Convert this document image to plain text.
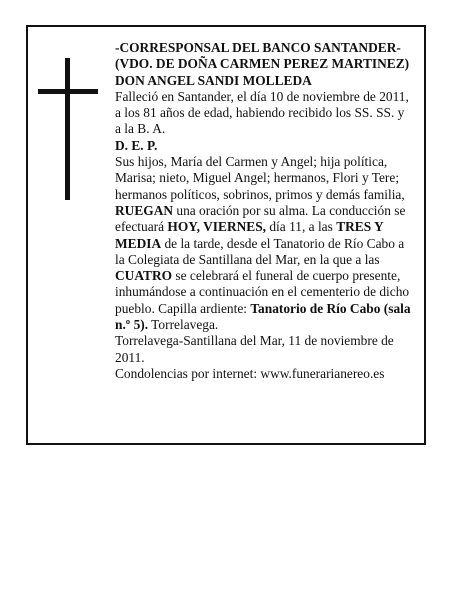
-CORRESPONSAL DEL BANCO SANTANDER-
(VDO. DE DOÑA CARMEN PEREZ MARTINEZ)
DON ANGEL SANDI MOLLEDA
Falleció en Santander, el día 10 de noviembre de 2011,
a los 81 años de edad, habiendo recibido los SS. SS. y
a la B. A.
D. E. P.
Sus hijos, María del Carmen y Angel; hija política,
Marisa; nieto, Miguel Angel; hermanos, Flori y Tere;
hermanos políticos, sobrinos, primos y demás familia,
RUEGAN una oración por su alma. La conducción se
efectuará HOY, VIERNES, día 11, a las TRES Y
MEDIA de la tarde, desde el Tanatorio de Río Cabo a
la Colegiata de Santillana del Mar, en la que a las
CUATRO se celebrará el funeral de cuerpo presente,
inhumándose a continuación en el cementerio de dicho
pueblo. Capilla ardiente: Tanatorio de Río Cabo (sala
n.º 5). Torrelavega.
Torrelavega-Santillana del Mar, 11 de noviembre de
2011.
Condolencias por internet: www.funerarianereo.es
